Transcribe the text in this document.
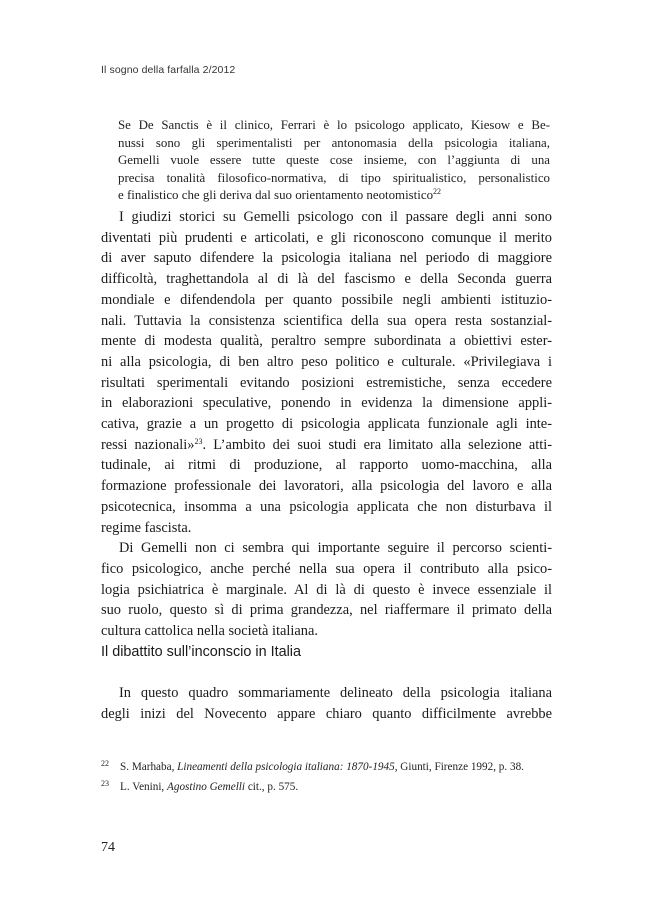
Il sogno della farfalla 2/2012
Se De Sanctis è il clinico, Ferrari è lo psicologo applicato, Kiesow e Be-
nussi sono gli sperimentalisti per antonomasia della psicologia italiana,
Gemelli vuole essere tutte queste cose insieme, con l’aggiunta di una
precisa tonalità filosofico-normativa, di tipo spiritualistico, personalistico
e finalistico che gli deriva dal suo orientamento neotomistico$^{22}$
I giudizi storici su Gemelli psicologo con il passare degli anni sono
diventati più prudenti e articolati, e gli riconoscono comunque il merito
di aver saputo difendere la psicologia italiana nel periodo di maggiore
difficoltà, traghettandola al di là del fascismo e della Seconda guerra
mondiale e difendendola per quanto possibile negli ambienti istituzio-
nali. Tuttavia la consistenza scientifica della sua opera resta sostanzial-
mente di modesta qualità, peraltro sempre subordinata a obiettivi ester-
ni alla psicologia, di ben altro peso politico e culturale. «Privilegiava i
risultati sperimentali evitando posizioni estremistiche, senza eccedere
in elaborazioni speculative, ponendo in evidenza la dimensione appli-
cativa, grazie a un progetto di psicologia applicata funzionale agli inte-
ressi nazionali»$^{23}$. L’ambito dei suoi studi era limitato alla selezione atti-
tudinale, ai ritmi di produzione, al rapporto uomo-macchina, alla
formazione professionale dei lavoratori, alla psicologia del lavoro e alla
psicotecnica, insomma a una psicologia applicata che non disturbava il
regime fascista.
Di Gemelli non ci sembra qui importante seguire il percorso scienti-
fico psicologico, anche perché nella sua opera il contributo alla psico-
logia psichiatrica è marginale. Al di là di questo è invece essenziale il
suo ruolo, questo sì di prima grandezza, nel riaffermare il primato della
cultura cattolica nella società italiana.
Il dibattito sull’inconscio in Italia
In questo quadro sommariamente delineato della psicologia italiana
degli inizi del Novecento appare chiaro quanto difficilmente avrebbe
22 S. Marhaba, Lineamenti della psicologia italiana: 1870-1945, Giunti, Firenze 1992, p. 38.
23 L. Venini, Agostino Gemelli cit., p. 575.
74
